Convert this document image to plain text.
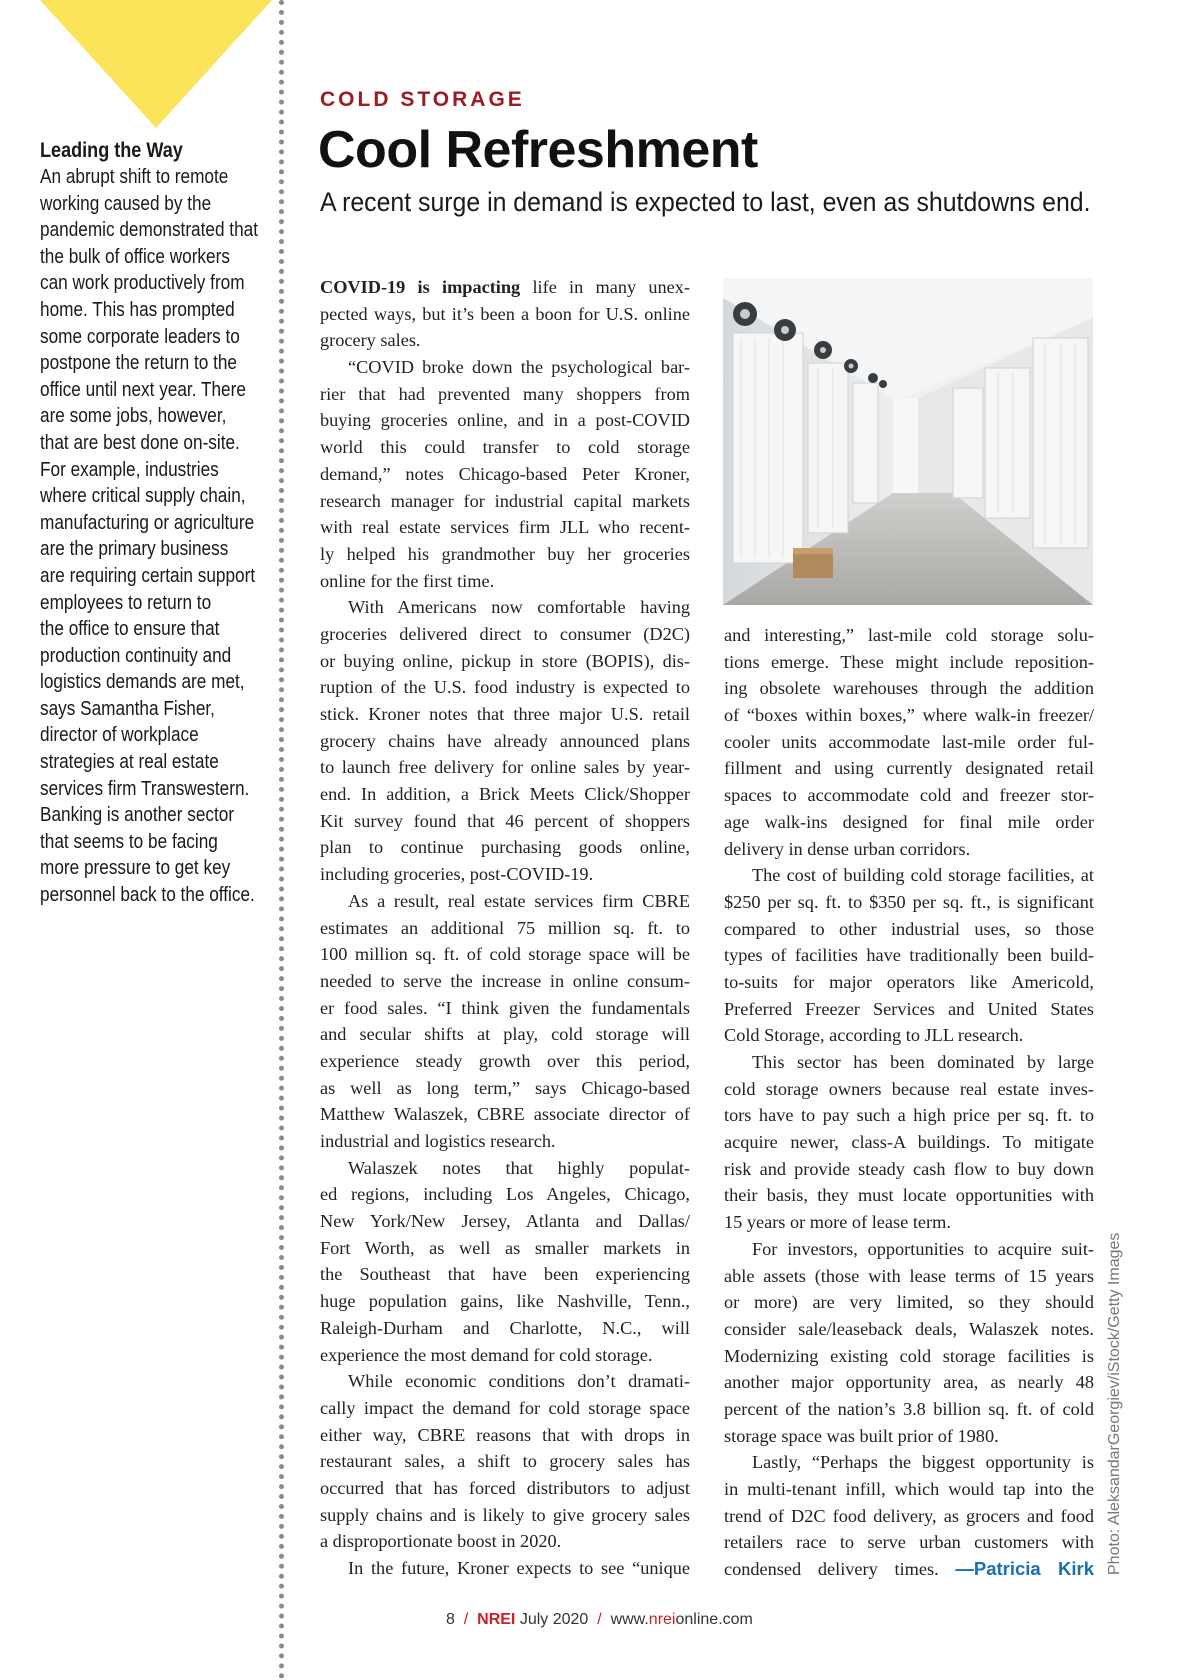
Leading the Way
An abrupt shift to remote
working caused by the
pandemic demonstrated that
the bulk of office workers
can work productively from
home. This has prompted
some corporate leaders to
postpone the return to the
office until next year. There
are some jobs, however,
that are best done on-site.
For example, industries
where critical supply chain,
manufacturing or agriculture
are the primary business
are requiring certain support
employees to return to
the office to ensure that
production continuity and
logistics demands are met,
says Samantha Fisher,
director of workplace
strategies at real estate
services firm Transwestern.
Banking is another sector
that seems to be facing
more pressure to get key
personnel back to the office.
COLD STORAGE
Cool Refreshment
A recent surge in demand is expected to last, even as shutdowns end.
COVID-19 is impacting life in many unex-
pected ways, but it’s been a boon for U.S. online
grocery sales.
“COVID broke down the psychological bar-
rier that had prevented many shoppers from
buying groceries online, and in a post-COVID
world this could transfer to cold storage
demand,” notes Chicago-based Peter Kroner,
research manager for industrial capital markets
with real estate services firm JLL who recent-
ly helped his grandmother buy her groceries
online for the first time.
With Americans now comfortable having
groceries delivered direct to consumer (D2C)
or buying online, pickup in store (BOPIS), dis-
ruption of the U.S. food industry is expected to
stick. Kroner notes that three major U.S. retail
grocery chains have already announced plans
to launch free delivery for online sales by year-
end. In addition, a Brick Meets Click/Shopper
Kit survey found that 46 percent of shoppers
plan to continue purchasing goods online,
including groceries, post-COVID-19.
As a result, real estate services firm CBRE
estimates an additional 75 million sq. ft. to
100 million sq. ft. of cold storage space will be
needed to serve the increase in online consum-
er food sales. “I think given the fundamentals
and secular shifts at play, cold storage will
experience steady growth over this period,
as well as long term,” says Chicago-based
Matthew Walaszek, CBRE associate director of
industrial and logistics research.
Walaszek notes that highly populat-
ed regions, including Los Angeles, Chicago,
New York/New Jersey, Atlanta and Dallas/
Fort Worth, as well as smaller markets in
the Southeast that have been experiencing
huge population gains, like Nashville, Tenn.,
Raleigh-Durham and Charlotte, N.C., will
experience the most demand for cold storage.
While economic conditions don’t dramati-
cally impact the demand for cold storage space
either way, CBRE reasons that with drops in
restaurant sales, a shift to grocery sales has
occurred that has forced distributors to adjust
supply chains and is likely to give grocery sales
a disproportionate boost in 2020.
In the future, Kroner expects to see “unique
and interesting,” last-mile cold storage solu-
tions emerge. These might include reposition-
ing obsolete warehouses through the addition
of “boxes within boxes,” where walk-in freezer/
cooler units accommodate last-mile order ful-
fillment and using currently designated retail
spaces to accommodate cold and freezer stor-
age walk-ins designed for final mile order
delivery in dense urban corridors.
The cost of building cold storage facilities, at
$250 per sq. ft. to $350 per sq. ft., is significant
compared to other industrial uses, so those
types of facilities have traditionally been build-
to-suits for major operators like Americold,
Preferred Freezer Services and United States
Cold Storage, according to JLL research.
This sector has been dominated by large
cold storage owners because real estate inves-
tors have to pay such a high price per sq. ft. to
acquire newer, class-A buildings. To mitigate
risk and provide steady cash flow to buy down
their basis, they must locate opportunities with
15 years or more of lease term.
For investors, opportunities to acquire suit-
able assets (those with lease terms of 15 years
or more) are very limited, so they should
consider sale/leaseback deals, Walaszek notes.
Modernizing existing cold storage facilities is
another major opportunity area, as nearly 48
percent of the nation’s 3.8 billion sq. ft. of cold
storage space was built prior of 1980.
Lastly, “Perhaps the biggest opportunity is
in multi-tenant infill, which would tap into the
trend of D2C food delivery, as grocers and food
retailers race to serve urban customers with
condensed delivery times. —Patricia Kirk Photo: AleksandarGeorgiev/iStock/Getty Images
8 / NREI July 2020 / www.nreionline.com
